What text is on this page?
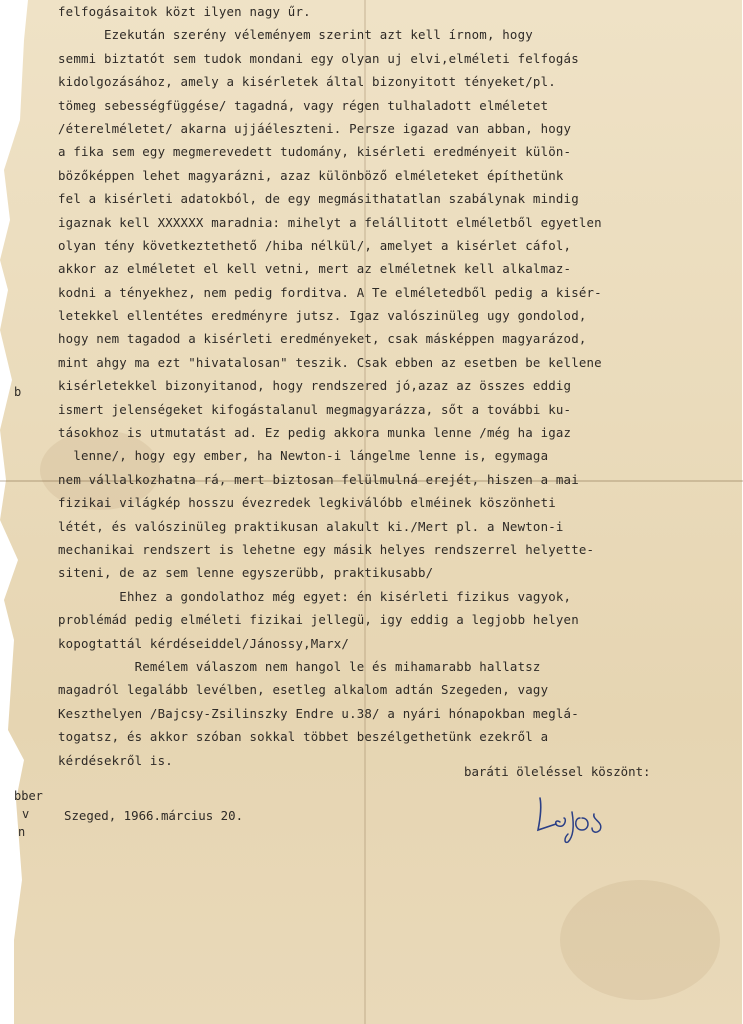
felfogásaitok közt ilyen nagy űr.
Ezekután szerény véleményem szerint azt kell írnom, hogy
semmi biztatót sem tudok mondani egy olyan uj elvi,elméleti felfogás
kidolgozásához, amely a kisérletek által bizonyitott tényeket/pl.
tömeg sebességfüggése/ tagadná, vagy régen tulhaladott elméletet
/éterelméletet/ akarna ujjáéleszteni. Persze igazad van abban, hogy
a fika sem egy megmerevedett tudomány, kisérleti eredményeit külön-
bözőképpen lehet magyarázni, azaz különböző elméleteket építhetünk
fel a kisérleti adatokból, de egy megmásithatatlan szabálynak mindig
igaznak kell XXXXXX maradnia: mihelyt a felállitott elméletből egyetlen
olyan tény következtethető /hiba nélkül/, amelyet a kisérlet cáfol,
akkor az elméletet el kell vetni, mert az elméletnek kell alkalmaz-
kodni a tényekhez, nem pedig forditva. A Te elméletedből pedig a kisér-
letekkel ellentétes eredményre jutsz. Igaz valószinüleg ugy gondolod,
hogy nem tagadod a kisérleti eredményeket, csak másképpen magyarázod,
mint ahgy ma ezt "hivatalosan" teszik. Csak ebben az esetben be kellene
kisérletekkel bizonyitanod, hogy rendszered jó,azaz az összes eddig
ismert jelenségeket kifogástalanul megmagyarázza, sőt a további ku-
tásokhoz is utmutatást ad. Ez pedig akkora munka lenne /még ha igaz
lenne/, hogy egy ember, ha Newton-i lángelme lenne is, egymaga
nem vállalkozhatna rá, mert biztosan felülmulná erejét, hiszen a mai
fizikai világkép hosszu évezredek legkiválóbb elméinek köszönheti
létét, és valószinüleg praktikusan alakult ki./Mert pl. a Newton-i
mechanikai rendszert is lehetne egy másik helyes rendszerrel helyette-
siteni, de az sem lenne egyszerübb, praktikusabb/
Ehhez a gondolathoz még egyet: én kisérleti fizikus vagyok,
problémád pedig elméleti fizikai jellegü, igy eddig a legjobb helyen
kopogtattál kérdéseiddel/Jánossy,Marx/
Remélem válaszom nem hangol le és mihamarabb hallatsz
magadról legalább levélben, esetleg alkalom adtán Szegeden, vagy
Keszthelyen /Bajcsy-Zsilinszky Endre u.38/ a nyári hónapokban meglá-
togatsz, és akkor szóban sokkal többet beszélgethetünk ezekről a
kérdésekről is.
b
bber
v
n
baráti öleléssel köszönt:
Szeged, 1966.március 20.
